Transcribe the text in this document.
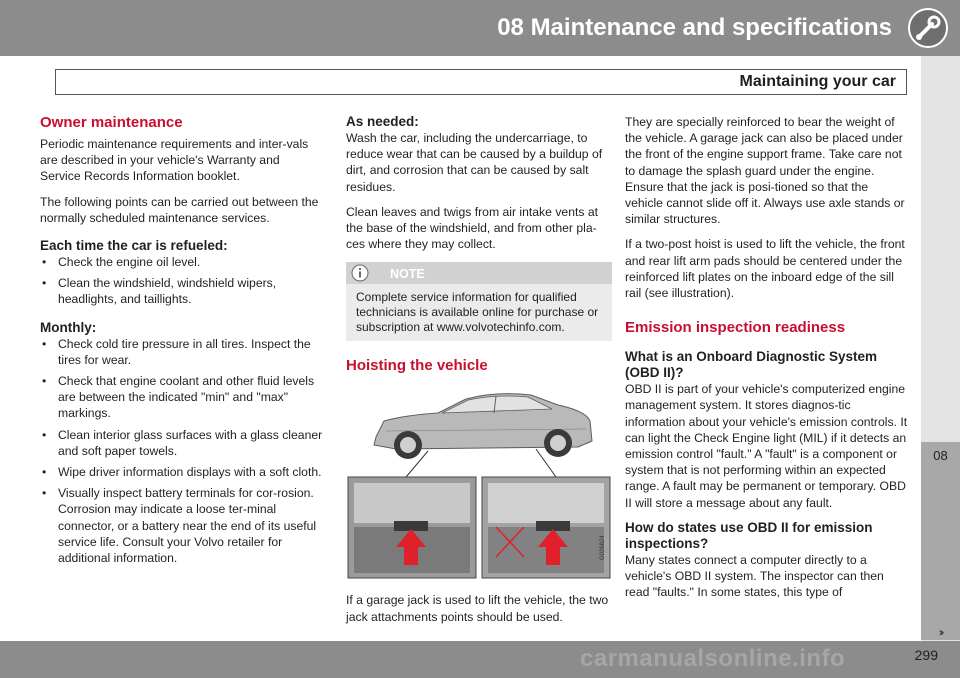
08 Maintenance and specifications
Maintaining your car
08
››
carmanualsonline.info	299
Owner maintenance

Periodic maintenance requirements and inter-vals are described in your vehicle's Warranty and Service Records Information booklet.

The following points can be carried out between the normally scheduled maintenance services.

Each time the car is refueled:
• Check the engine oil level.
• Clean the windshield, windshield wipers, headlights, and taillights.
Monthly:
• Check cold tire pressure in all tires. Inspect the tires for wear.
• Check that engine coolant and other fluid levels are between the indicated "min" and "max" markings.
• Clean interior glass surfaces with a glass cleaner and soft paper towels.
• Wipe driver information displays with a soft cloth.
• Visually inspect battery terminals for cor-rosion. Corrosion may indicate a loose ter-minal connector, or a battery near the end of its useful service life. Consult your Volvo retailer for additional information.
As needed:

Wash the car, including the undercarriage, to reduce wear that can be caused by a buildup of dirt, and corrosion that can be caused by salt residues.

Clean leaves and twigs from air intake vents at the base of the windshield, and from other pla-ces where they may collect.

NOTE
Complete service information for qualified technicians is available online for purchase or subscription at www.volvotechinfo.com.
Hoisting the vehicle
G026824

If a garage jack is used to lift the vehicle, the two jack attachments points should be used.

They are specially reinforced to bear the weight of the vehicle. A garage jack can also be placed under the front of the engine support frame. Take care not to damage the splash guard under the engine. Ensure that the jack is posi-tioned so that the vehicle cannot slide off it. Always use axle stands or similar structures.

If a two-post hoist is used to lift the vehicle, the front and rear lift arm pads should be centered under the reinforced lift plates on the inboard edge of the sill rail (see illustration).

Emission inspection readiness
What is an Onboard Diagnostic System (OBD II)?

OBD II is part of your vehicle's computerized engine management system. It stores diagnos-tic information about your vehicle's emission controls. It can light the Check Engine light (MIL) if it detects an emission control "fault." A "fault" is a component or system that is not performing within an expected range. A fault may be permanent or temporary. OBD II will store a message about any fault.

How do states use OBD II for emission inspections?

Many states connect a computer directly to a vehicle's OBD II system. The inspector can then read "faults." In some states, this type of
